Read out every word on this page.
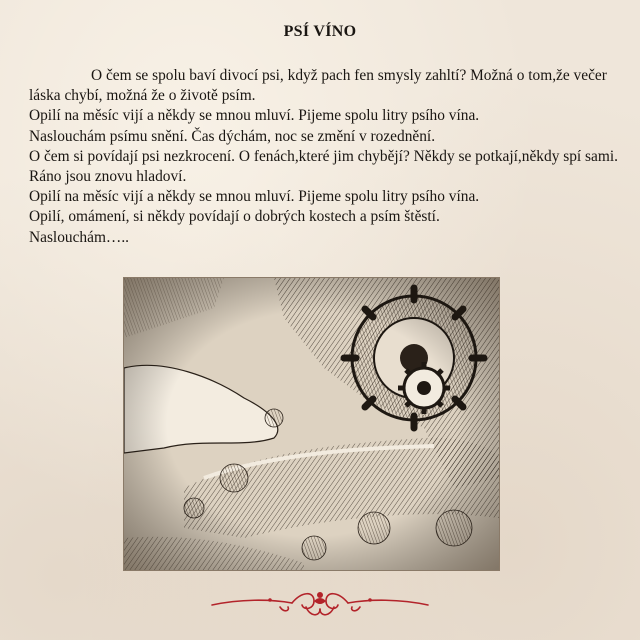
PSÍ VÍNO

O čem se spolu baví divocí psi, když pach fen smysly zahltí? Možná o tom,že večer láska chybí, možná že o životě psím.

Opilí na měsíc vijí a někdy se mnou mluví. Pijeme spolu litry psího vína.

Naslouchám psímu snění. Čas dýchám, noc se změní v rozednění.

O čem si povídají psi nezkrocení. O fenách,které jim chybějí? Někdy se potkají,někdy spí sami. Ráno jsou znovu hladoví.

Opilí na měsíc vijí a někdy se mnou mluví. Pijeme spolu litry psího vína.

Opilí, omámení, si někdy povídají o dobrých kostech a psím štěstí.

Naslouchám…..
